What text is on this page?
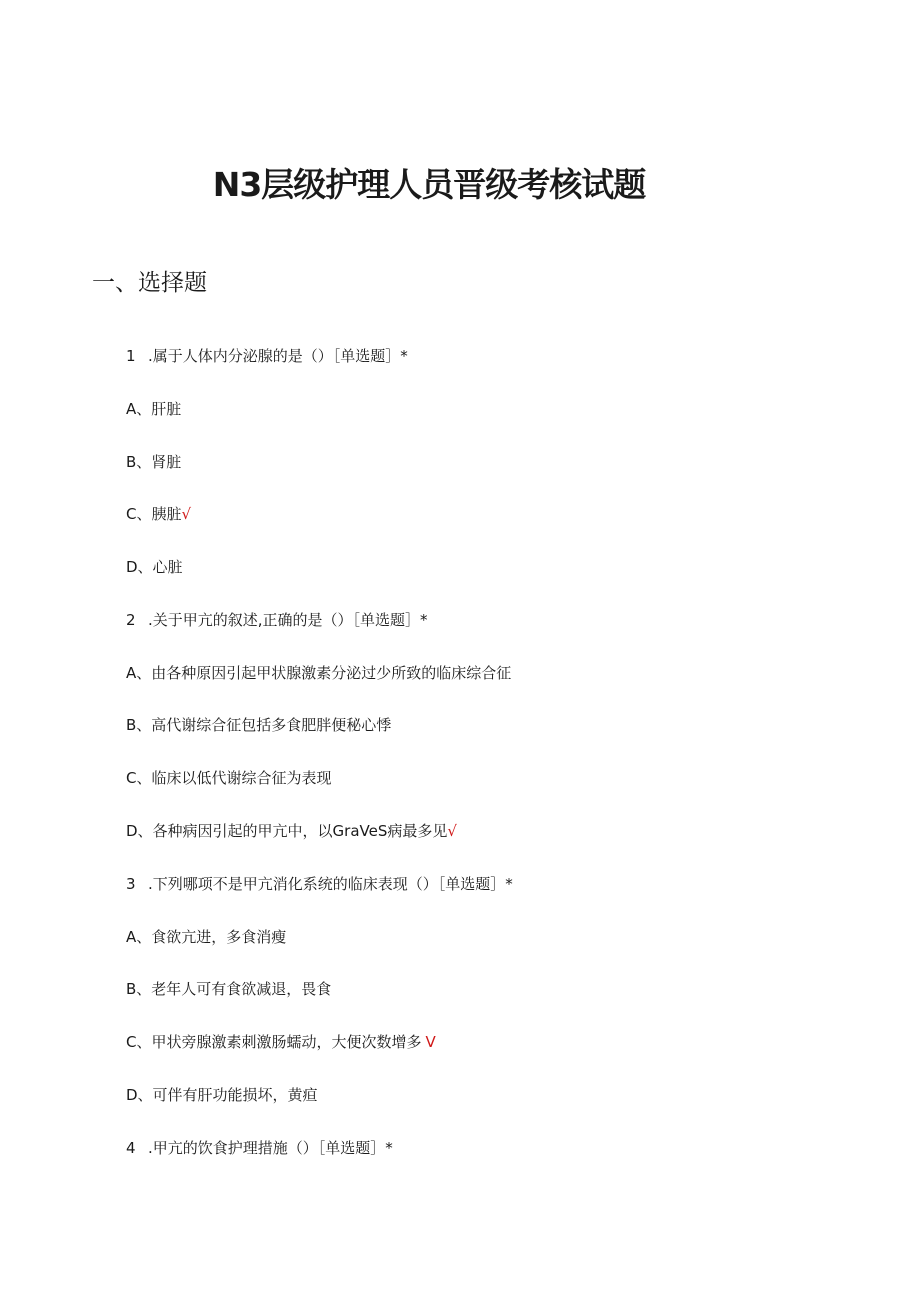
N3层级护理人员晋级考核试题
一、选择题
1 .属于人体内分泌腺的是（）［单选题］*
A、肝脏
B、肾脏
C、胰脏√
D、心脏
2 .关于甲亢的叙述,正确的是（）［单选题］*
A、由各种原因引起甲状腺激素分泌过少所致的临床综合征
B、高代谢综合征包括多食肥胖便秘心悸
C、临床以低代谢综合征为表现
D、各种病因引起的甲亢中，以GraVeS病最多见√
3 .下列哪项不是甲亢消化系统的临床表现（）［单选题］*
A、食欲亢进，多食消瘦
B、老年人可有食欲减退，畏食
C、甲状旁腺激素刺激肠蠕动，大便次数增多 V
D、可伴有肝功能损坏，黄疸
4 .甲亢的饮食护理措施（）［单选题］*
